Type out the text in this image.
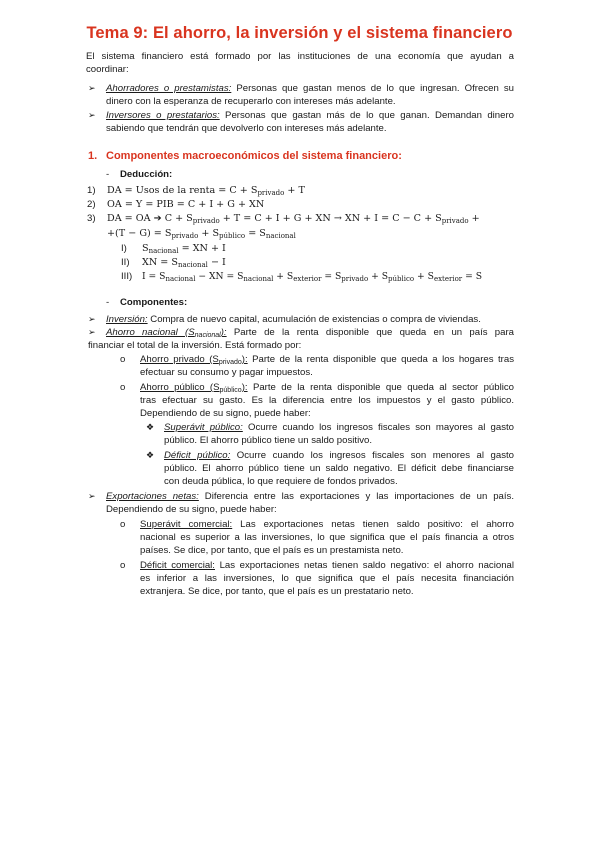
Tema 9: El ahorro, la inversión y el sistema financiero
El sistema financiero está formado por las instituciones de una economía que ayudan a
coordinar:
➢ Ahorradores o prestamistas: Personas que gastan menos de lo que ingresan. Ofrecen su
dinero con la esperanza de recuperarlo con intereses más adelante.
➢ Inversores o prestatarios: Personas que gastan más de lo que ganan. Demandan dinero
sabiendo que tendrán que devolverlo con intereses más adelante.
1. Componentes macroeconómicos del sistema financiero:
- Deducción:
1) DA = Usos de la renta = $C + S_{privado} + T$
2) OA = Y = PIB = C + I + G + XN
3) DA = OA ➔ $C + S_{privado} + T = C + I + G$ + XN → XN + $I = C - C + S_{privado}$ +
$+(T - G) = S_{privado} + S_{público} = S_{nacional}$
I) $S_{nacional}$ = XN + I
II) XN = $S_{nacional} - I$
III) $I = S_{nacional}$ − XN = $S_{nacional} + S_{exterior} = S_{privado} + S_{público} + S_{exterior} = S$
- Componentes:
➢ Inversión: Compra de nuevo capital, acumulación de existencias o compra de viviendas.
➢ Ahorro nacional $(S_{nacional})$: Parte de la renta disponible que queda en un país para
financiar el total de la inversión. Está formado por:
o Ahorro privado $(S_{privado})$: Parte de la renta disponible que queda a los hogares tras
efectuar su consumo y pagar impuestos.
o Ahorro público $(S_{público})$: Parte de la renta disponible que queda al sector público
tras efectuar su gasto. Es la diferencia entre los impuestos y el gasto público.
Dependiendo de su signo, puede haber:
❖ Superávit público: Ocurre cuando los ingresos fiscales son mayores al gasto
público. El ahorro público tiene un saldo positivo.
❖ Déficit público: Ocurre cuando los ingresos fiscales son menores al gasto
público. El ahorro público tiene un saldo negativo. El déficit debe financiarse
con deuda pública, lo que requiere de fondos privados.
➢ Exportaciones netas: Diferencia entre las exportaciones y las importaciones de un país.
Dependiendo de su signo, puede haber:
o Superávit comercial: Las exportaciones netas tienen saldo positivo: el ahorro
nacional es superior a las inversiones, lo que significa que el país financia a otros
países. Se dice, por tanto, que el país es un prestamista neto.
o Déficit comercial: Las exportaciones netas tienen saldo negativo: el ahorro nacional
es inferior a las inversiones, lo que significa que el país necesita financiación
extranjera. Se dice, por tanto, que el país es un prestatario neto.
